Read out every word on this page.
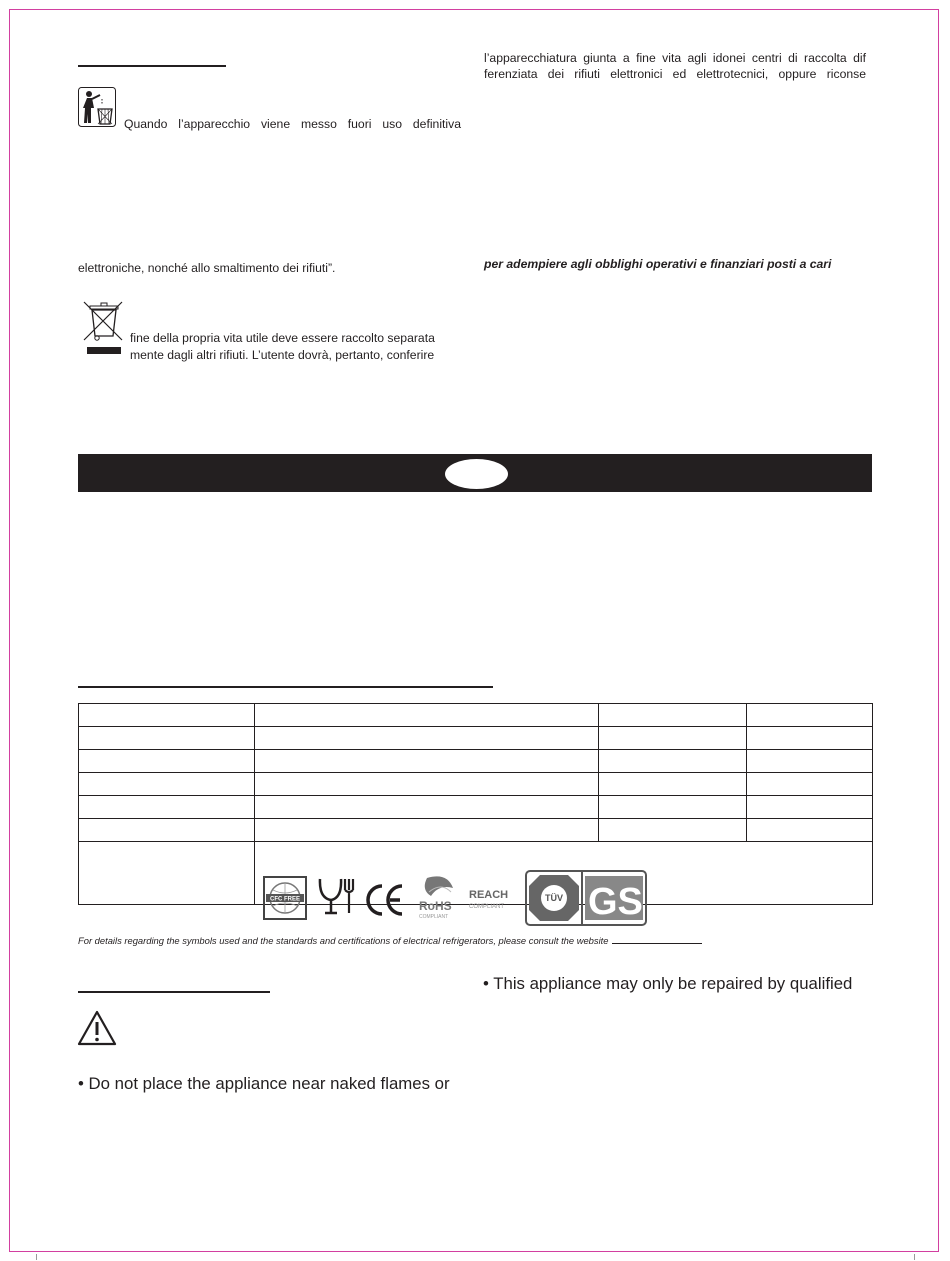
Quando l’apparecchio viene messo fuori uso definitiva
elettroniche, nonché allo smaltimento dei rifiuti”.
fine della propria vita utile deve essere raccolto separata
mente dagli altri rifiuti. L’utente dovrà, pertanto, conferire
l’apparecchiatura giunta a fine vita agli idonei centri di raccolta dif
ferenziata dei rifiuti elettronici ed elettrotecnici, oppure riconse
per adempiere agli obblighi operativi e finanziari posti a cari

CFC FREE	RoHS
COMPLIANT
REACH
COMPLIANT
TÜV GS
For details regarding the symbols used and the standards and certifications of electrical refrigerators, please consult the website
• Do not place the appliance near naked flames or
• This appliance may only be repaired by qualified
